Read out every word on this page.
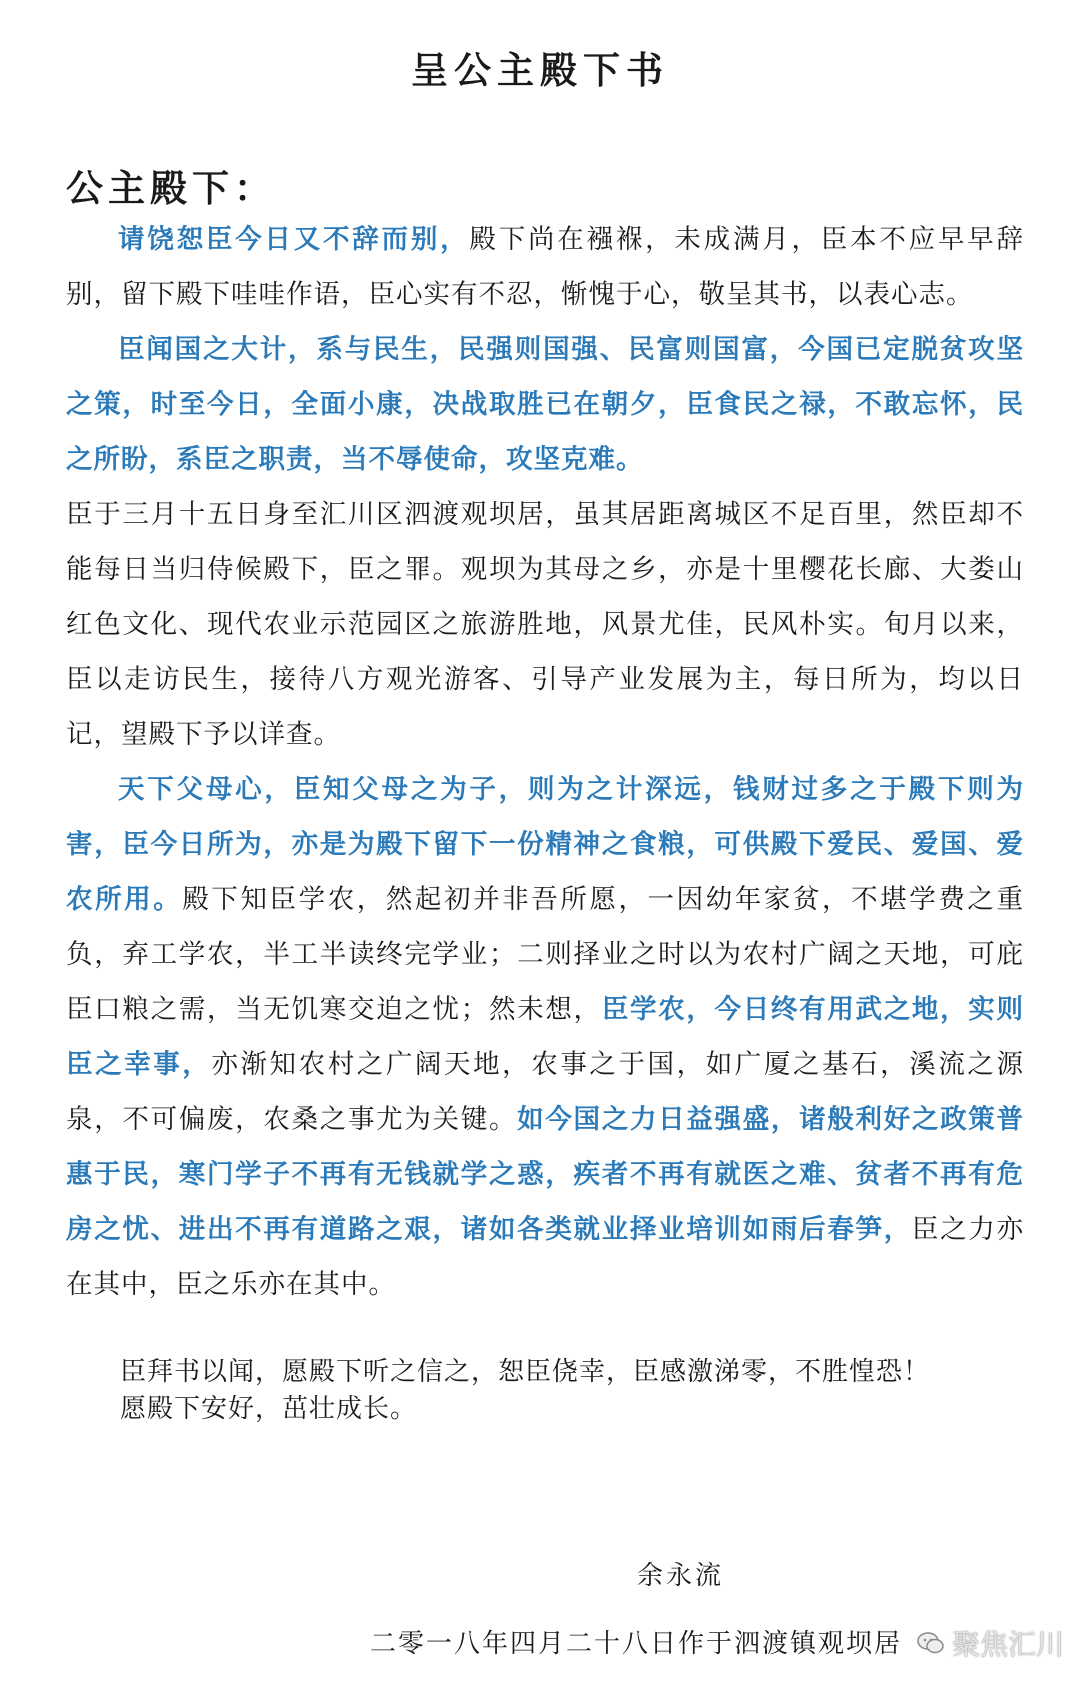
呈公主殿下书
公主殿下：

请饶恕臣今日又不辞而别，殿下尚在襁褓，未成满月，臣本不应早早辞别，留下殿下哇哇作语，臣心实有不忍，惭愧于心，敬呈其书，以表心志。

臣闻国之大计，系与民生，民强则国强、民富则国富，今国已定脱贫攻坚之策，时至今日，全面小康，决战取胜已在朝夕，臣食民之禄，不敢忘怀，民之所盼，系臣之职责，当不辱使命，攻坚克难。

臣于三月十五日身至汇川区泗渡观坝居，虽其居距离城区不足百里，然臣却不能每日当归侍候殿下，臣之罪。观坝为其母之乡，亦是十里樱花长廊、大娄山红色文化、现代农业示范园区之旅游胜地，风景尤佳，民风朴实。旬月以来，臣以走访民生，接待八方观光游客、引导产业发展为主，每日所为，均以日记，望殿下予以详查。

天下父母心，臣知父母之为子，则为之计深远，钱财过多之于殿下则为害，臣今日所为，亦是为殿下留下一份精神之食粮，可供殿下爱民、爱国、爱农所用。殿下知臣学农，然起初并非吾所愿，一因幼年家贫，不堪学费之重负，弃工学农，半工半读终完学业；二则择业之时以为农村广阔之天地，可庇臣口粮之需，当无饥寒交迫之忧；然未想，臣学农，今日终有用武之地，实则臣之幸事，亦渐知农村之广阔天地，农事之于国，如广厦之基石，溪流之源泉，不可偏废，农桑之事尤为关键。如今国之力日益强盛，诸般利好之政策普惠于民，寒门学子不再有无钱就学之惑，疾者不再有就医之难、贫者不再有危房之忧、进出不再有道路之艰，诸如各类就业择业培训如雨后春笋，臣之力亦在其中，臣之乐亦在其中。

臣拜书以闻，愿殿下听之信之，恕臣侥幸，臣感激涕零，不胜惶恐！
愿殿下安好，茁壮成长。
余永流
二零一八年四月二十八日作于泗渡镇观坝居 聚焦汇川
